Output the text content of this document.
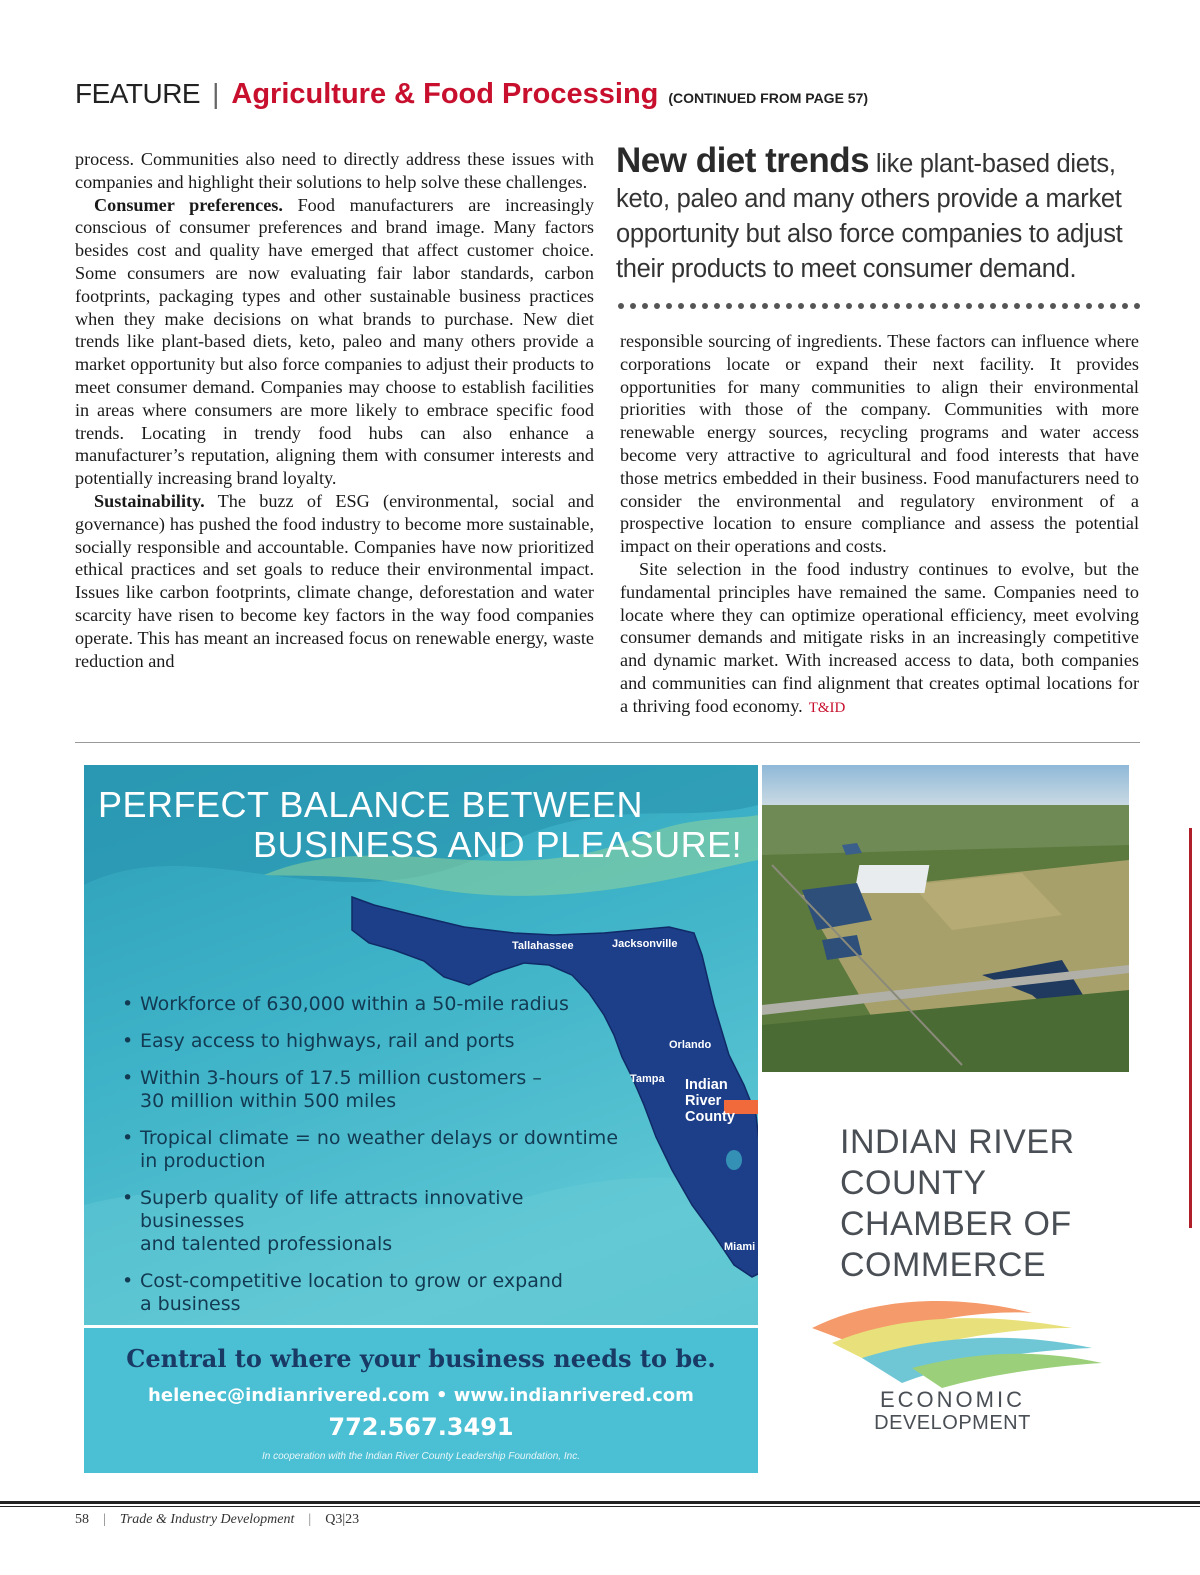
FEATURE | Agriculture & Food Processing (CONTINUED FROM PAGE 57)

process. Communities also need to directly address these issues with companies and highlight their solutions to help solve these challenges.

Consumer preferences. Food manufacturers are increasingly conscious of consumer preferences and brand image. Many factors besides cost and quality have emerged that affect customer choice. Some consumers are now evaluating fair labor standards, carbon footprints, packaging types and other sustainable business practices when they make decisions on what brands to purchase. New diet trends like plant-based diets, keto, paleo and many others provide a market opportunity but also force companies to adjust their products to meet consumer demand. Companies may choose to establish facilities in areas where consumers are more likely to embrace specific food trends. Locating in trendy food hubs can also enhance a manufacturer’s reputation, aligning them with consumer interests and potentially increasing brand loyalty.

Sustainability. The buzz of ESG (environmental, social and governance) has pushed the food industry to become more sustainable, socially responsible and accountable. Companies have now prioritized ethical practices and set goals to reduce their environmental impact. Issues like carbon footprints, climate change, deforestation and water scarcity have risen to become key factors in the way food companies operate. This has meant an increased focus on renewable energy, waste reduction and

New diet trends like plant-based diets, keto, paleo and many others provide a market opportunity but also force companies to adjust their products to meet consumer demand.

responsible sourcing of ingredients. These factors can influence where corporations locate or expand their next facility. It provides opportunities for many communities to align their environmental priorities with those of the company. Communities with more renewable energy sources, recycling programs and water access become very attractive to agricultural and food interests that have those metrics embedded in their business. Food manufacturers need to consider the environmental and regulatory environment of a prospective location to ensure compliance and assess the potential impact on their operations and costs.

Site selection in the food industry continues to evolve, but the fundamental principles have remained the same. Companies need to locate where they can optimize operational efficiency, meet evolving consumer demands and mitigate risks in an increasingly competitive and dynamic market. With increased access to data, both companies and communities can find alignment that creates optimal locations for a thriving food economy. T&ID

PERFECT BALANCE BETWEEN
BUSINESS AND PLEASURE!
Tallahassee	Jacksonville
Orlando
Tampa
Miami
Indian
River
County
• Workforce of 630,000 within a 50-mile radius
• Easy access to highways, rail and ports
• Within 3-hours of 17.5 million customers –
30 million within 500 miles
• Tropical climate = no weather delays or downtime
in production
• Superb quality of life attracts innovative businesses
and talented professionals
• Cost-competitive location to grow or expand
a business
Central to where your business needs to be.
helenec@indianrivered.com • www.indianrivered.com
772.567.3491
In cooperation with the Indian River County Leadership Foundation, Inc.
INDIAN RIVER
COUNTY
CHAMBER OF
COMMERCE
ECONOMIC
DEVELOPMENT
58 | Trade & Industry Development | Q3|23
